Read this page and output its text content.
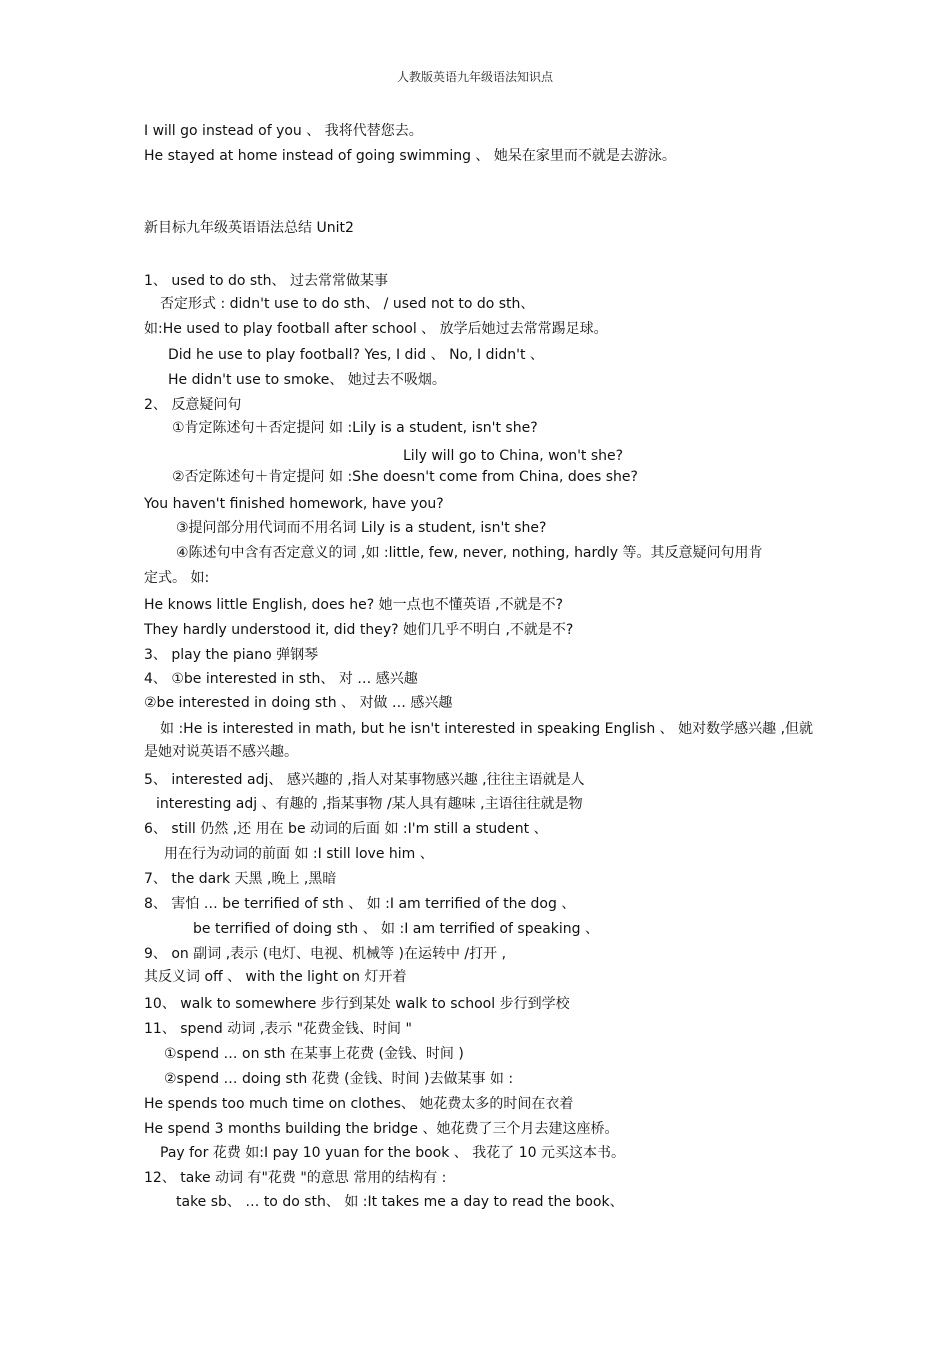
人教版英语九年级语法知识点
I will go instead of you 、 我将代替您去。
He stayed at home instead of going swimming 、 她呆在家里而不就是去游泳。
新目标九年级英语语法总结 Unit2
1、 used to do sth、 过去常常做某事
否定形式 : didn't use to do sth、 / used not to do sth、
如:He used to play football after school 、 放学后她过去常常踢足球。
Did he use to play football? Yes, I did 、 No, I didn't 、
He didn't use to smoke、 她过去不吸烟。
2、 反意疑问句
①肯定陈述句＋否定提问 如 :Lily is a student, isn't she?
Lily will go to China, won't she?
②否定陈述句＋肯定提问 如 :She doesn't come from China, does she?
You haven't finished homework, have you?
③提问部分用代词而不用名词 Lily is a student, isn't she?
④陈述句中含有否定意义的词 ,如 :little, few, never, nothing, hardly 等。其反意疑问句用肯
定式。 如:
He knows little English, does he? 她一点也不懂英语 ,不就是不?
They hardly understood it, did they? 她们几乎不明白 ,不就是不?
3、 play the piano 弹钢琴
4、 ①be interested in sth、 对 … 感兴趣
②be interested in doing sth 、 对做 … 感兴趣
如 :He is interested in math, but he isn't interested in speaking English 、 她对数学感兴趣 ,但就
是她对说英语不感兴趣。
5、 interested adj、 感兴趣的 ,指人对某事物感兴趣 ,往往主语就是人
interesting adj 、有趣的 ,指某事物 /某人具有趣味 ,主语往往就是物
6、 still 仍然 ,还 用在 be 动词的后面 如 :I'm still a student 、
用在行为动词的前面 如 :I still love him 、
7、 the dark 天黑 ,晚上 ,黑暗
8、 害怕 … be terrified of sth 、 如 :I am terrified of the dog 、
be terrified of doing sth 、 如 :I am terrified of speaking 、
9、 on 副词 ,表示 (电灯、电视、机械等 )在运转中 /打开 ,
其反义词 off 、 with the light on 灯开着
10、 walk to somewhere 步行到某处 walk to school 步行到学校
11、 spend 动词 ,表示 "花费金钱、时间 "
①spend … on sth 在某事上花费 (金钱、时间 )
②spend … doing sth 花费 (金钱、时间 )去做某事 如 :
He spends too much time on clothes、 她花费太多的时间在衣着
He spend 3 months building the bridge 、她花费了三个月去建这座桥。
Pay for 花费 如:I pay 10 yuan for the book 、 我花了 10 元买这本书。
12、 take 动词 有"花费 "的意思 常用的结构有 :
take sb、 … to do sth、 如 :It takes me a day to read the book、
